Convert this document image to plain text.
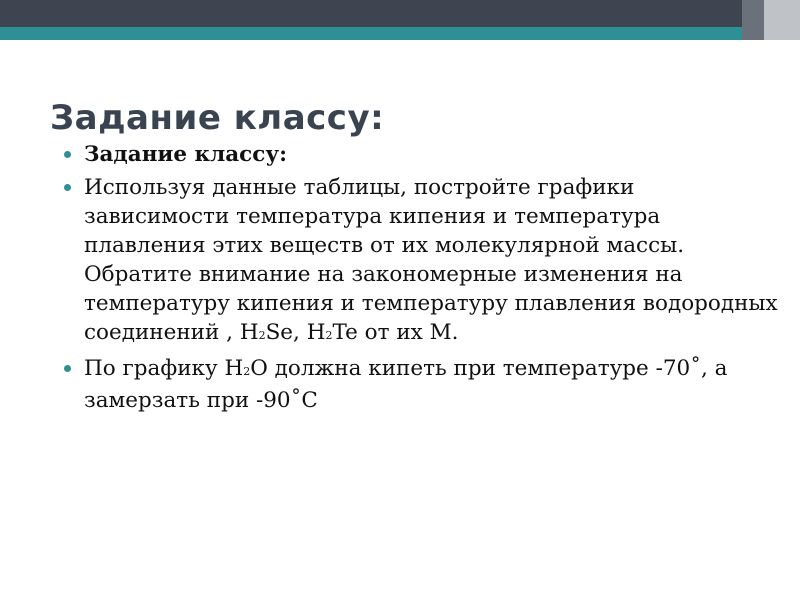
Задание классу:
Задание классу:
Используя данные таблицы, постройте графики зависимости температура кипения и температура плавления этих веществ от их молекулярной массы. Обратите внимание на закономерные изменения на температуру кипения и температуру плавления водородных соединений , H2Se, H2Te от их М.
По графику H2O должна кипеть при температуре -70˚, а замерзать при -90˚С
